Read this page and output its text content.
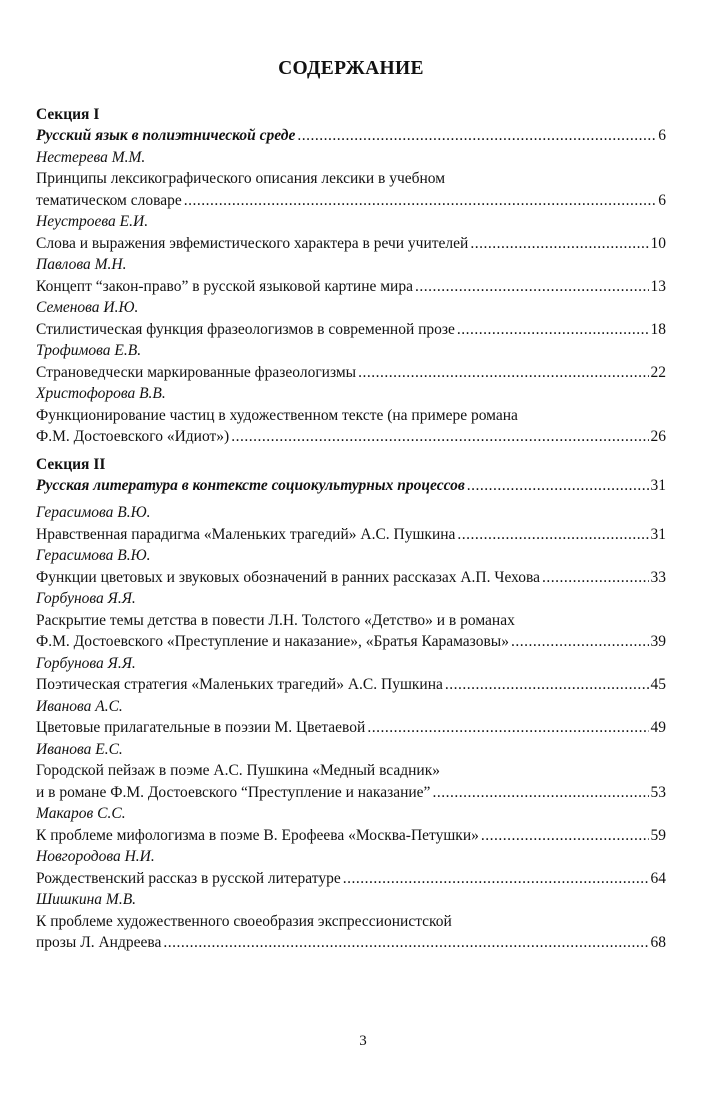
СОДЕРЖАНИЕ
Секция I
Русский язык в полиэтнической среде .....	6
Нестерева М.М.
Принципы лексикографического описания лексики в учебном
тематическом словаре .....	6
Неустроева Е.И.
Слова и выражения эвфемистического характера в речи учителей .....	10
Павлова М.Н.
Концепт “закон-право” в русской языковой картине мира .....	13
Семенова И.Ю.
Стилистическая функция фразеологизмов в современной прозе .....	18
Трофимова Е.В.
Страноведчески маркированные фразеологизмы .....	22
Христофорова В.В.
Функционирование частиц в художественном тексте (на примере романа
Ф.М. Достоевского «Идиот») .....	26
Секция II
Русская литература в контексте социокультурных процессов .....	31
Герасимова В.Ю.
Нравственная парадигма «Маленьких трагедий» А.С. Пушкина .....	31
Герасимова В.Ю.
Функции цветовых и звуковых обозначений в ранних рассказах А.П. Чехова .....	33
Горбунова Я.Я.
Раскрытие темы детства в повести Л.Н. Толстого «Детство» и в романах
Ф.М. Достоевского «Преступление и наказание», «Братья Карамазовы» .....	39
Горбунова Я.Я.
Поэтическая стратегия «Маленьких трагедий» А.С. Пушкина .....	45
Иванова А.С.
Цветовые прилагательные в поэзии М. Цветаевой .....	49
Иванова Е.С.
Городской пейзаж в поэме А.С. Пушкина «Медный всадник»
и в романе Ф.М. Достоевского “Преступление и наказание” .....	53
Макаров С.С.
К проблеме мифологизма в поэме В. Ерофеева «Москва-Петушки» .....	59
Новгородова Н.И.
Рождественский рассказ в русской литературе .....	64
Шишкина М.В.
К проблеме художественного своеобразия экспрессионистской
прозы Л. Андреева .....	68
3
